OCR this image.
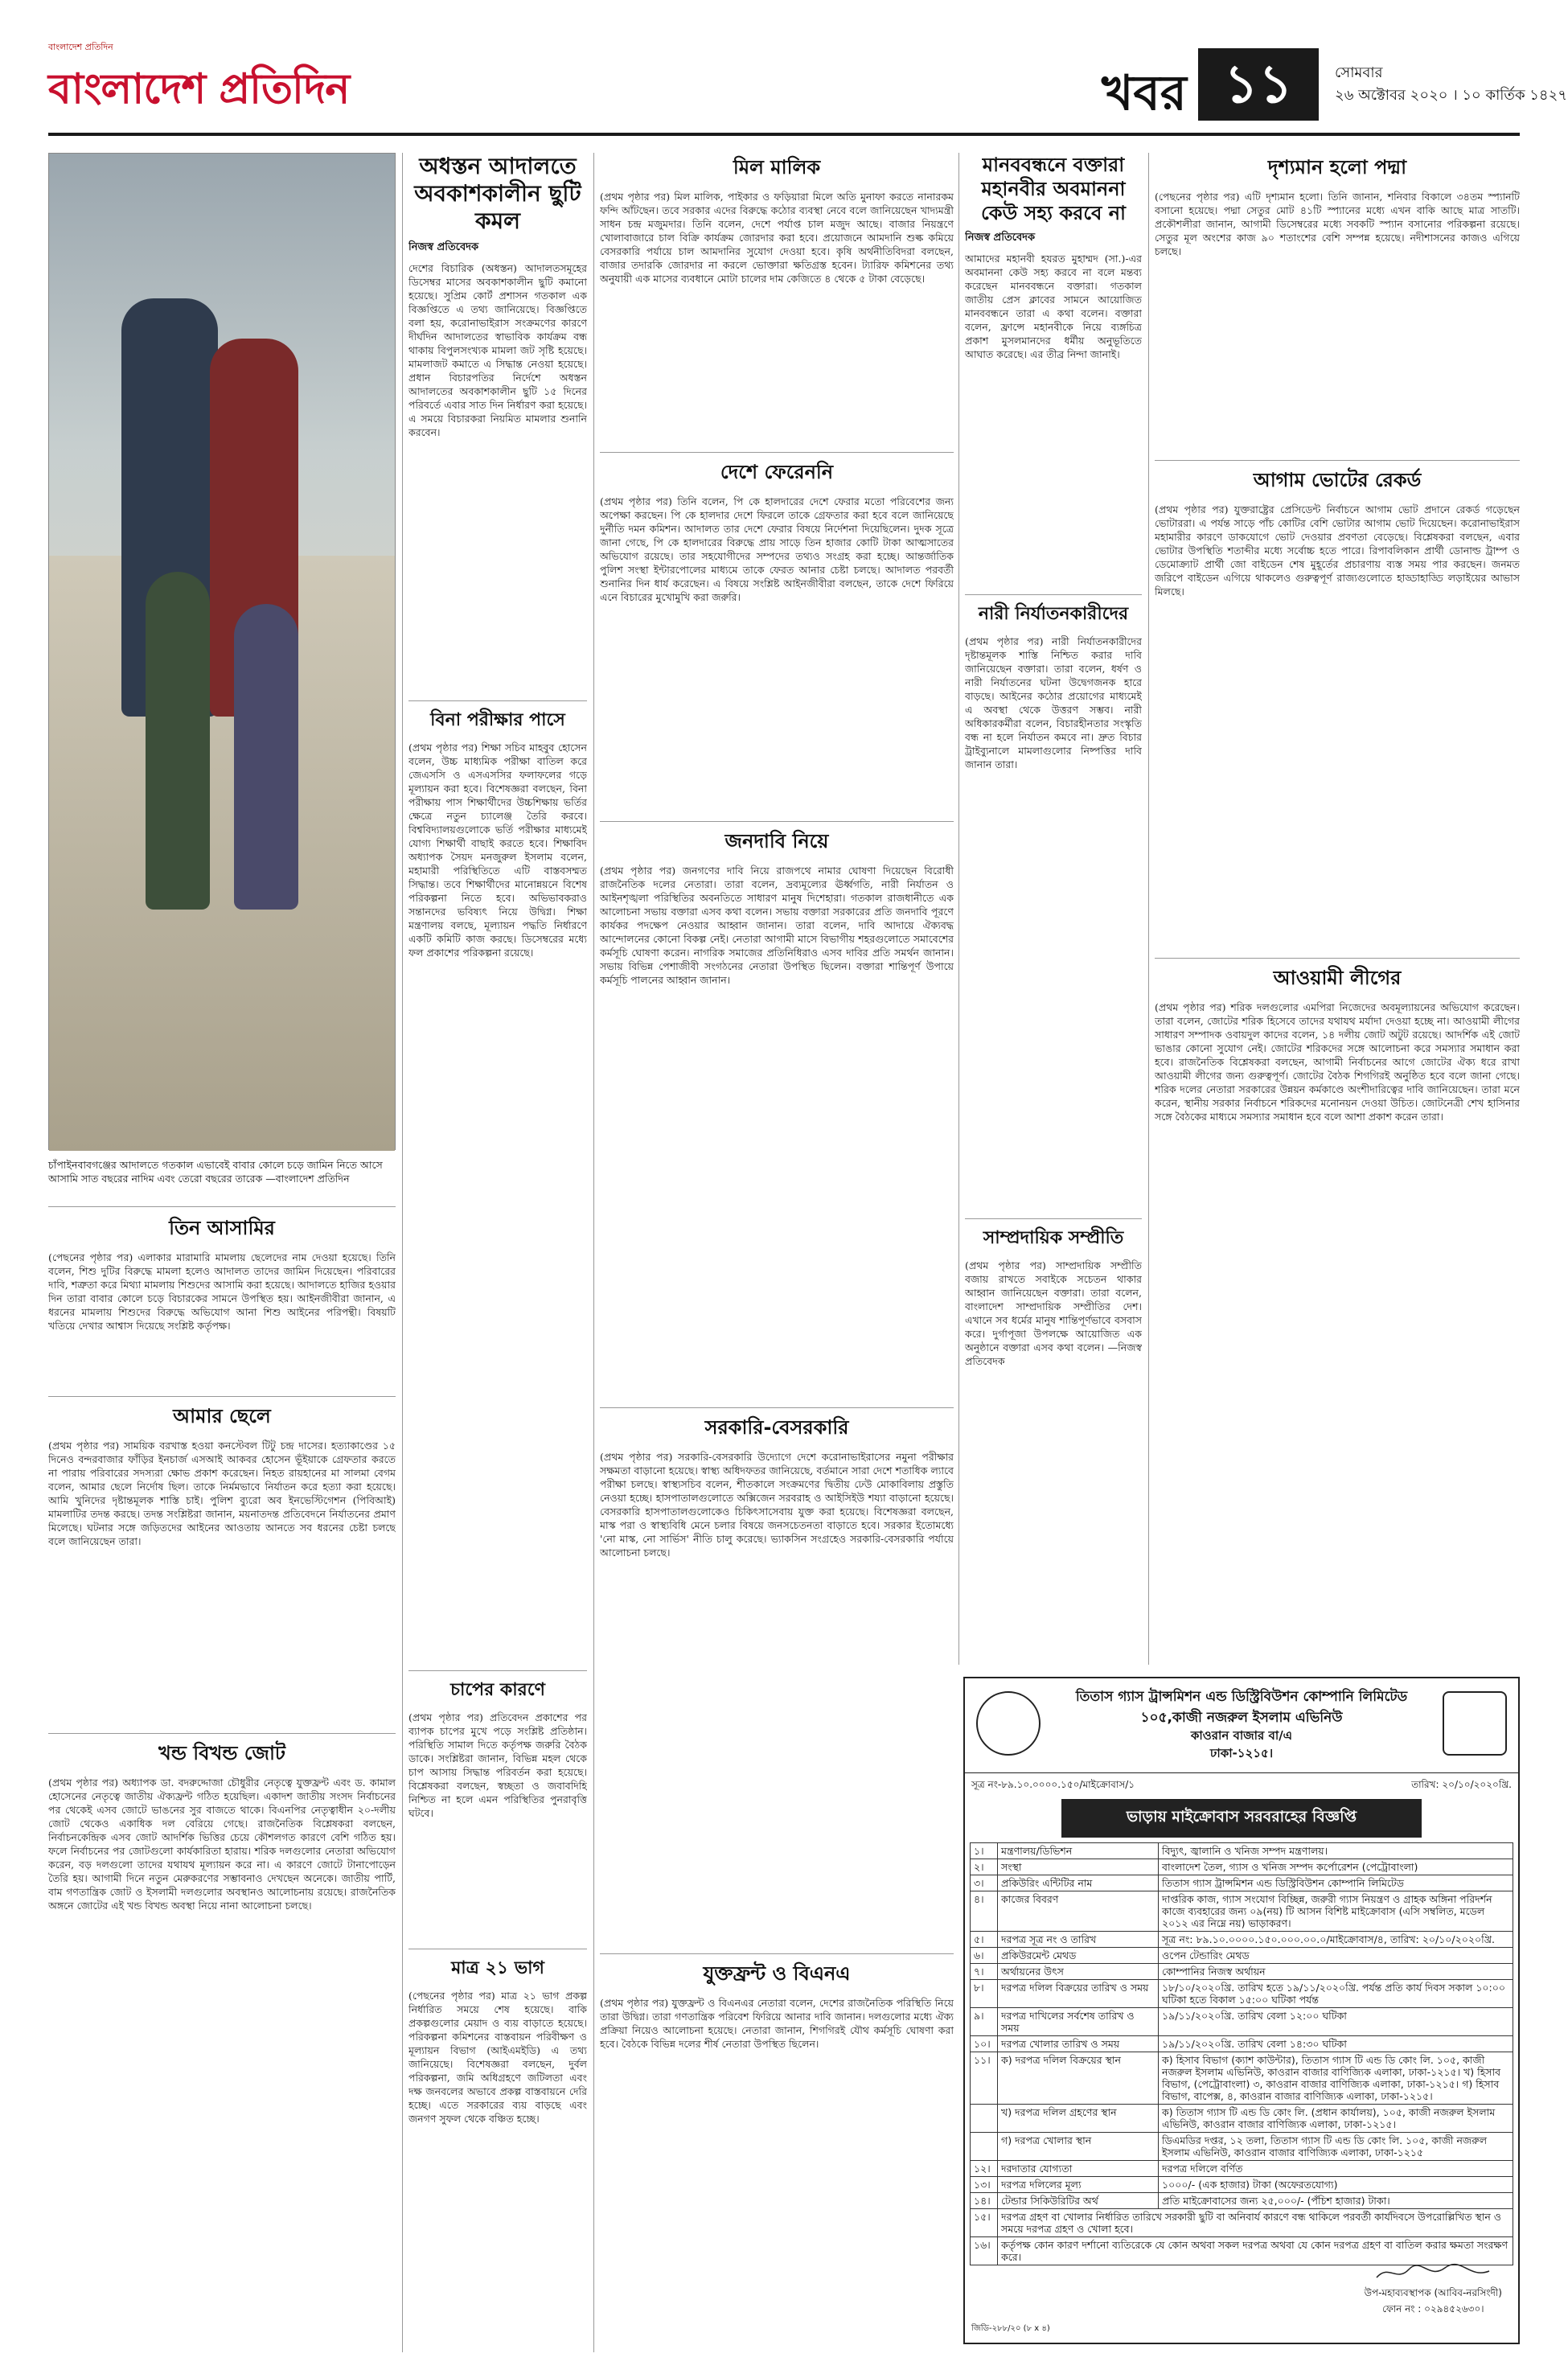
বাংলাদেশ প্রতিদিন
বাংলাদেশ প্রতিদিন	খবর ১১	সোমবার
২৬ অক্টোবর ২০২০ । ১০ কার্তিক ১৪২৭
চাঁপাইনবাবগঞ্জের আদালতে গতকাল এভাবেই বাবার কোলে চড়ে জামিন নিতে আসে আসামি সাত বছরের নাদিম এবং তেরো বছরের তারেক —বাংলাদেশ প্রতিদিন
তিন আসামির
(পেছনের পৃষ্ঠার পর) এলাকার মারামারি মামলায় ছেলেদের নাম দেওয়া হয়েছে। তিনি বলেন, শিশু দুটির বিরুদ্ধে মামলা হলেও আদালত তাদের জামিন দিয়েছেন। পরিবারের দাবি, শত্রুতা করে মিথ্যা মামলায় শিশুদের আসামি করা হয়েছে। আদালতে হাজির হওয়ার দিন তারা বাবার কোলে চড়ে বিচারকের সামনে উপস্থিত হয়। আইনজীবীরা জানান, এ ধরনের মামলায় শিশুদের বিরুদ্ধে অভিযোগ আনা শিশু আইনের পরিপন্থী। বিষয়টি খতিয়ে দেখার আশ্বাস দিয়েছে সংশ্লিষ্ট কর্তৃপক্ষ।
আমার ছেলে
(প্রথম পৃষ্ঠার পর) সাময়িক বরখাস্ত হওয়া কনস্টেবল টিটু চন্দ্র দাসের। হত্যাকাণ্ডের ১৫ দিনেও বন্দরবাজার ফাঁড়ির ইনচার্জ এসআই আকবর হোসেন ভূঁইয়াকে গ্রেফতার করতে না পারায় পরিবারের সদস্যরা ক্ষোভ প্রকাশ করেছেন। নিহত রায়হানের মা সালমা বেগম বলেন, আমার ছেলে নির্দোষ ছিল। তাকে নির্মমভাবে নির্যাতন করে হত্যা করা হয়েছে। আমি খুনিদের দৃষ্টান্তমূলক শাস্তি চাই। পুলিশ ব্যুরো অব ইনভেস্টিগেশন (পিবিআই) মামলাটির তদন্ত করছে। তদন্ত সংশ্লিষ্টরা জানান, ময়নাতদন্ত প্রতিবেদনে নির্যাতনের প্রমাণ মিলেছে। ঘটনার সঙ্গে জড়িতদের আইনের আওতায় আনতে সব ধরনের চেষ্টা চলছে বলে জানিয়েছেন তারা।
খন্ড বিখন্ড জোট
(প্রথম পৃষ্ঠার পর) অধ্যাপক ডা. বদরুদ্দোজা চৌধুরীর নেতৃত্বে যুক্তফ্রন্ট এবং ড. কামাল হোসেনের নেতৃত্বে জাতীয় ঐক্যফ্রন্ট গঠিত হয়েছিল। একাদশ জাতীয় সংসদ নির্বাচনের পর থেকেই এসব জোটে ভাঙনের সুর বাজতে থাকে। বিএনপির নেতৃত্বাধীন ২০-দলীয় জোট থেকেও একাধিক দল বেরিয়ে গেছে। রাজনৈতিক বিশ্লেষকরা বলছেন, নির্বাচনকেন্দ্রিক এসব জোট আদর্শিক ভিত্তির চেয়ে কৌশলগত কারণে বেশি গঠিত হয়। ফলে নির্বাচনের পর জোটগুলো কার্যকারিতা হারায়। শরিক দলগুলোর নেতারা অভিযোগ করেন, বড় দলগুলো তাদের যথাযথ মূল্যায়ন করে না। এ কারণে জোটে টানাপোড়েন তৈরি হয়। আগামী দিনে নতুন মেরুকরণের সম্ভাবনাও দেখছেন অনেকে। জাতীয় পার্টি, বাম গণতান্ত্রিক জোট ও ইসলামী দলগুলোর অবস্থানও আলোচনায় রয়েছে। রাজনৈতিক অঙ্গনে জোটের এই খন্ড বিখন্ড অবস্থা নিয়ে নানা আলোচনা চলছে।
অধস্তন আদালতে অবকাশকালীন ছুটি কমল
নিজস্ব প্রতিবেদক
দেশের বিচারিক (অধস্তন) আদালতসমূহের ডিসেম্বর মাসের অবকাশকালীন ছুটি কমানো হয়েছে। সুপ্রিম কোর্ট প্রশাসন গতকাল এক বিজ্ঞপ্তিতে এ তথ্য জানিয়েছে। বিজ্ঞপ্তিতে বলা হয়, করোনাভাইরাস সংক্রমণের কারণে দীর্ঘদিন আদালতের স্বাভাবিক কার্যক্রম বন্ধ থাকায় বিপুলসংখ্যক মামলা জট সৃষ্টি হয়েছে। মামলাজট কমাতে এ সিদ্ধান্ত নেওয়া হয়েছে। প্রধান বিচারপতির নির্দেশে অধস্তন আদালতের অবকাশকালীন ছুটি ১৫ দিনের পরিবর্তে এবার সাত দিন নির্ধারণ করা হয়েছে। এ সময়ে বিচারকরা নিয়মিত মামলার শুনানি করবেন।
বিনা পরীক্ষার পাসে
(প্রথম পৃষ্ঠার পর) শিক্ষা সচিব মাহবুব হোসেন বলেন, উচ্চ মাধ্যমিক পরীক্ষা বাতিল করে জেএসসি ও এসএসসির ফলাফলের গড়ে মূল্যায়ন করা হবে। বিশেষজ্ঞরা বলছেন, বিনা পরীক্ষায় পাস শিক্ষার্থীদের উচ্চশিক্ষায় ভর্তির ক্ষেত্রে নতুন চ্যালেঞ্জ তৈরি করবে। বিশ্ববিদ্যালয়গুলোকে ভর্তি পরীক্ষার মাধ্যমেই যোগ্য শিক্ষার্থী বাছাই করতে হবে। শিক্ষাবিদ অধ্যাপক সৈয়দ মনজুরুল ইসলাম বলেন, মহামারী পরিস্থিতিতে এটি বাস্তবসম্মত সিদ্ধান্ত। তবে শিক্ষার্থীদের মানোন্নয়নে বিশেষ পরিকল্পনা নিতে হবে। অভিভাবকরাও সন্তানদের ভবিষ্যৎ নিয়ে উদ্বিগ্ন। শিক্ষা মন্ত্রণালয় বলছে, মূল্যায়ন পদ্ধতি নির্ধারণে একটি কমিটি কাজ করছে। ডিসেম্বরের মধ্যে ফল প্রকাশের পরিকল্পনা রয়েছে।
চাপের কারণে
(প্রথম পৃষ্ঠার পর) প্রতিবেদন প্রকাশের পর ব্যাপক চাপের মুখে পড়ে সংশ্লিষ্ট প্রতিষ্ঠান। পরিস্থিতি সামাল দিতে কর্তৃপক্ষ জরুরি বৈঠক ডাকে। সংশ্লিষ্টরা জানান, বিভিন্ন মহল থেকে চাপ আসায় সিদ্ধান্ত পরিবর্তন করা হয়েছে। বিশ্লেষকরা বলছেন, স্বচ্ছতা ও জবাবদিহি নিশ্চিত না হলে এমন পরিস্থিতির পুনরাবৃত্তি ঘটবে।
মাত্র ২১ ভাগ
(পেছনের পৃষ্ঠার পর) মাত্র ২১ ভাগ প্রকল্প নির্ধারিত সময়ে শেষ হয়েছে। বাকি প্রকল্পগুলোর মেয়াদ ও ব্যয় বাড়াতে হয়েছে। পরিকল্পনা কমিশনের বাস্তবায়ন পরিবীক্ষণ ও মূল্যায়ন বিভাগ (আইএমইডি) এ তথ্য জানিয়েছে। বিশেষজ্ঞরা বলছেন, দুর্বল পরিকল্পনা, জমি অধিগ্রহণে জটিলতা এবং দক্ষ জনবলের অভাবে প্রকল্প বাস্তবায়নে দেরি হচ্ছে। এতে সরকারের ব্যয় বাড়ছে এবং জনগণ সুফল থেকে বঞ্চিত হচ্ছে।
মিল মালিক
(প্রথম পৃষ্ঠার পর) মিল মালিক, পাইকার ও ফড়িয়ারা মিলে অতি মুনাফা করতে নানারকম ফন্দি আঁটছেন। তবে সরকার এদের বিরুদ্ধে কঠোর ব্যবস্থা নেবে বলে জানিয়েছেন খাদ্যমন্ত্রী সাধন চন্দ্র মজুমদার। তিনি বলেন, দেশে পর্যাপ্ত চাল মজুদ আছে। বাজার নিয়ন্ত্রণে খোলাবাজারে চাল বিক্রি কার্যক্রম জোরদার করা হবে। প্রয়োজনে আমদানি শুল্ক কমিয়ে বেসরকারি পর্যায়ে চাল আমদানির সুযোগ দেওয়া হবে। কৃষি অর্থনীতিবিদরা বলছেন, বাজার তদারকি জোরদার না করলে ভোক্তারা ক্ষতিগ্রস্ত হবেন। ট্যারিফ কমিশনের তথ্য অনুযায়ী এক মাসের ব্যবধানে মোটা চালের দাম কেজিতে ৪ থেকে ৫ টাকা বেড়েছে।
দেশে ফেরেননি
(প্রথম পৃষ্ঠার পর) তিনি বলেন, পি কে হালদারের দেশে ফেরার মতো পরিবেশের জন্য অপেক্ষা করছেন। পি কে হালদার দেশে ফিরলে তাকে গ্রেফতার করা হবে বলে জানিয়েছে দুর্নীতি দমন কমিশন। আদালত তার দেশে ফেরার বিষয়ে নির্দেশনা দিয়েছিলেন। দুদক সূত্রে জানা গেছে, পি কে হালদারের বিরুদ্ধে প্রায় সাড়ে তিন হাজার কোটি টাকা আত্মসাতের অভিযোগ রয়েছে। তার সহযোগীদের সম্পদের তথ্যও সংগ্রহ করা হচ্ছে। আন্তর্জাতিক পুলিশ সংস্থা ইন্টারপোলের মাধ্যমে তাকে ফেরত আনার চেষ্টা চলছে। আদালত পরবর্তী শুনানির দিন ধার্য করেছেন। এ বিষয়ে সংশ্লিষ্ট আইনজীবীরা বলছেন, তাকে দেশে ফিরিয়ে এনে বিচারের মুখোমুখি করা জরুরি।
জনদাবি নিয়ে
(প্রথম পৃষ্ঠার পর) জনগণের দাবি নিয়ে রাজপথে নামার ঘোষণা দিয়েছেন বিরোধী রাজনৈতিক দলের নেতারা। তারা বলেন, দ্রব্যমূল্যের ঊর্ধ্বগতি, নারী নির্যাতন ও আইনশৃঙ্খলা পরিস্থিতির অবনতিতে সাধারণ মানুষ দিশেহারা। গতকাল রাজধানীতে এক আলোচনা সভায় বক্তারা এসব কথা বলেন। সভায় বক্তারা সরকারের প্রতি জনদাবি পূরণে কার্যকর পদক্ষেপ নেওয়ার আহ্বান জানান। তারা বলেন, দাবি আদায়ে ঐক্যবদ্ধ আন্দোলনের কোনো বিকল্প নেই। নেতারা আগামী মাসে বিভাগীয় শহরগুলোতে সমাবেশের কর্মসূচি ঘোষণা করেন। নাগরিক সমাজের প্রতিনিধিরাও এসব দাবির প্রতি সমর্থন জানান। সভায় বিভিন্ন পেশাজীবী সংগঠনের নেতারা উপস্থিত ছিলেন। বক্তারা শান্তিপূর্ণ উপায়ে কর্মসূচি পালনের আহ্বান জানান।
সরকারি-বেসরকারি
(প্রথম পৃষ্ঠার পর) সরকারি-বেসরকারি উদ্যোগে দেশে করোনাভাইরাসের নমুনা পরীক্ষার সক্ষমতা বাড়ানো হয়েছে। স্বাস্থ্য অধিদফতর জানিয়েছে, বর্তমানে সারা দেশে শতাধিক ল্যাবে পরীক্ষা চলছে। স্বাস্থ্যসচিব বলেন, শীতকালে সংক্রমণের দ্বিতীয় ঢেউ মোকাবিলায় প্রস্তুতি নেওয়া হচ্ছে। হাসপাতালগুলোতে অক্সিজেন সরবরাহ ও আইসিইউ শয্যা বাড়ানো হয়েছে। বেসরকারি হাসপাতালগুলোকেও চিকিৎসাসেবায় যুক্ত করা হয়েছে। বিশেষজ্ঞরা বলছেন, মাস্ক পরা ও স্বাস্থ্যবিধি মেনে চলার বিষয়ে জনসচেতনতা বাড়াতে হবে। সরকার ইতোমধ্যে 'নো মাস্ক, নো সার্ভিস' নীতি চালু করেছে। ভ্যাকসিন সংগ্রহেও সরকারি-বেসরকারি পর্যায়ে আলোচনা চলছে।
যুক্তফ্রন্ট ও বিএনএ
(প্রথম পৃষ্ঠার পর) যুক্তফ্রন্ট ও বিএনএর নেতারা বলেন, দেশের রাজনৈতিক পরিস্থিতি নিয়ে তারা উদ্বিগ্ন। তারা গণতান্ত্রিক পরিবেশ ফিরিয়ে আনার দাবি জানান। দলগুলোর মধ্যে ঐক্য প্রক্রিয়া নিয়েও আলোচনা হয়েছে। নেতারা জানান, শিগগিরই যৌথ কর্মসূচি ঘোষণা করা হবে। বৈঠকে বিভিন্ন দলের শীর্ষ নেতারা উপস্থিত ছিলেন।
মানববন্ধনে বক্তারা মহানবীর অবমাননা কেউ সহ্য করবে না
নিজস্ব প্রতিবেদক
আমাদের মহানবী হযরত মুহাম্মদ (সা.)-এর অবমাননা কেউ সহ্য করবে না বলে মন্তব্য করেছেন মানববন্ধনে বক্তারা। গতকাল জাতীয় প্রেস ক্লাবের সামনে আয়োজিত মানববন্ধনে তারা এ কথা বলেন। বক্তারা বলেন, ফ্রান্সে মহানবীকে নিয়ে ব্যঙ্গচিত্র প্রকাশ মুসলমানদের ধর্মীয় অনুভূতিতে আঘাত করেছে। এর তীব্র নিন্দা জানাই।
নারী নির্যাতনকারীদের
(প্রথম পৃষ্ঠার পর) নারী নির্যাতনকারীদের দৃষ্টান্তমূলক শাস্তি নিশ্চিত করার দাবি জানিয়েছেন বক্তারা। তারা বলেন, ধর্ষণ ও নারী নির্যাতনের ঘটনা উদ্বেগজনক হারে বাড়ছে। আইনের কঠোর প্রয়োগের মাধ্যমেই এ অবস্থা থেকে উত্তরণ সম্ভব। নারী অধিকারকর্মীরা বলেন, বিচারহীনতার সংস্কৃতি বন্ধ না হলে নির্যাতন কমবে না। দ্রুত বিচার ট্রাইব্যুনালে মামলাগুলোর নিষ্পত্তির দাবি জানান তারা।
সাম্প্রদায়িক সম্প্রীতি
(প্রথম পৃষ্ঠার পর) সাম্প্রদায়িক সম্প্রীতি বজায় রাখতে সবাইকে সচেতন থাকার আহ্বান জানিয়েছেন বক্তারা। তারা বলেন, বাংলাদেশ সাম্প্রদায়িক সম্প্রীতির দেশ। এখানে সব ধর্মের মানুষ শান্তিপূর্ণভাবে বসবাস করে। দুর্গাপূজা উপলক্ষে আয়োজিত এক অনুষ্ঠানে বক্তারা এসব কথা বলেন। —নিজস্ব প্রতিবেদক
দৃশ্যমান হলো পদ্মা
(পেছনের পৃষ্ঠার পর) এটি দৃশ্যমান হলো। তিনি জানান, শনিবার বিকালে ৩৪তম স্প্যানটি বসানো হয়েছে। পদ্মা সেতুর মোট ৪১টি স্প্যানের মধ্যে এখন বাকি আছে মাত্র সাতটি। প্রকৌশলীরা জানান, আগামী ডিসেম্বরের মধ্যে সবকটি স্প্যান বসানোর পরিকল্পনা রয়েছে। সেতুর মূল অংশের কাজ ৯০ শতাংশের বেশি সম্পন্ন হয়েছে। নদীশাসনের কাজও এগিয়ে চলছে।
আগাম ভোটের রেকর্ড
(প্রথম পৃষ্ঠার পর) যুক্তরাষ্ট্রের প্রেসিডেন্ট নির্বাচনে আগাম ভোট প্রদানে রেকর্ড গড়েছেন ভোটাররা। এ পর্যন্ত সাড়ে পাঁচ কোটির বেশি ভোটার আগাম ভোট দিয়েছেন। করোনাভাইরাস মহামারীর কারণে ডাকযোগে ভোট দেওয়ার প্রবণতা বেড়েছে। বিশ্লেষকরা বলছেন, এবার ভোটার উপস্থিতি শতাব্দীর মধ্যে সর্বোচ্চ হতে পারে। রিপাবলিকান প্রার্থী ডোনাল্ড ট্রাম্প ও ডেমোক্র্যাট প্রার্থী জো বাইডেন শেষ মুহূর্তের প্রচারণায় ব্যস্ত সময় পার করছেন। জনমত জরিপে বাইডেন এগিয়ে থাকলেও গুরুত্বপূর্ণ রাজ্যগুলোতে হাড্ডাহাড্ডি লড়াইয়ের আভাস মিলছে।
আওয়ামী লীগের
(প্রথম পৃষ্ঠার পর) শরিক দলগুলোর এমপিরা নিজেদের অবমূল্যায়নের অভিযোগ করেছেন। তারা বলেন, জোটের শরিক হিসেবে তাদের যথাযথ মর্যাদা দেওয়া হচ্ছে না। আওয়ামী লীগের সাধারণ সম্পাদক ওবায়দুল কাদের বলেন, ১৪ দলীয় জোট অটুট রয়েছে। আদর্শিক এই জোট ভাঙার কোনো সুযোগ নেই। জোটের শরিকদের সঙ্গে আলোচনা করে সমস্যার সমাধান করা হবে। রাজনৈতিক বিশ্লেষকরা বলছেন, আগামী নির্বাচনের আগে জোটের ঐক্য ধরে রাখা আওয়ামী লীগের জন্য গুরুত্বপূর্ণ। জোটের বৈঠক শিগগিরই অনুষ্ঠিত হবে বলে জানা গেছে। শরিক দলের নেতারা সরকারের উন্নয়ন কর্মকাণ্ডে অংশীদারিত্বের দাবি জানিয়েছেন। তারা মনে করেন, স্থানীয় সরকার নির্বাচনে শরিকদের মনোনয়ন দেওয়া উচিত। জোটনেত্রী শেখ হাসিনার সঙ্গে বৈঠকের মাধ্যমে সমস্যার সমাধান হবে বলে আশা প্রকাশ করেন তারা।
তিতাস গ্যাস ট্রান্সমিশন এন্ড ডিস্ট্রিবিউশন কোম্পানি লিমিটেড
১০৫,কাজী নজরুল ইসলাম এভিনিউ
কাওরান বাজার বা/এ
ঢাকা-১২১৫।
সূত্র নং-৮৯.১০.০০০০.১৫০/মাইক্রোবাস/১	তারিখ: ২০/১০/২০২০খ্রি.
ভাড়ায় মাইক্রোবাস সরবরাহের বিজ্ঞপ্তি
১।	মন্ত্রণালয়/ডিভিশন	বিদ্যুৎ, জ্বালানি ও খনিজ সম্পদ মন্ত্রণালয়।
২।	সংস্থা	বাংলাদেশ তৈল, গ্যাস ও খনিজ সম্পদ কর্পোরেশন (পেট্রোবাংলা)
৩।	প্রকিউরিং এন্টিটির নাম	তিতাস গ্যাস ট্রান্সমিশন এন্ড ডিস্ট্রিবিউশন কোম্পানি লিমিটেড
৪।	কাজের বিবরণ	দাপ্তরিক কাজ, গ্যাস সংযোগ বিচ্ছিন্ন, জরুরী গ্যাস নিয়ন্ত্রণ ও গ্রাহক অঙ্গিনা পরিদর্শন কাজে ব্যবহারের জন্য ০৯(নয়) টি আসন বিশিষ্ট মাইক্রোবাস (এসি সম্বলিত, মডেল ২০১২ এর নিম্নে নয়) ভাড়াকরণ।
৫।	দরপত্র সূত্র নং ও তারিখ	সূত্র নং: ৮৯.১০.০০০০.১৫০.০০০.০০.০/মাইক্রোবাস/৪, তারিখ: ২০/১০/২০২০খ্রি.
৬।	প্রকিউরমেন্ট মেথড	ওপেন টেন্ডারিং মেথড
৭।	অর্থায়নের উৎস	কোম্পানির নিজস্ব অর্থায়ন
৮।	দরপত্র দলিল বিক্রয়ের তারিখ ও সময়	১৮/১০/২০২০খ্রি. তারিখ হতে ১৯/১১/২০২০খ্রি. পর্যন্ত প্রতি কার্য দিবস সকাল ১০:০০ ঘটিকা হতে বিকাল ১৫:০০ ঘটিকা পর্যন্ত
৯।	দরপত্র দাখিলের সর্বশেষ তারিখ ও সময়	১৯/১১/২০২০খ্রি. তারিখ বেলা ১২:০০ ঘটিকা
১০।	দরপত্র খোলার তারিখ ও সময়	১৯/১১/২০২০খ্রি. তারিখ বেলা ১৪:৩০ ঘটিকা
১১।	ক) দরপত্র দলিল বিক্রয়ের স্থান	ক) হিসাব বিভাগ (ক্যাশ কাউন্টার), তিতাস গ্যাস টি এন্ড ডি কোং লি. ১০৫, কাজী নজরুল ইসলাম এভিনিউ, কাওরান বাজার বাণিজ্যিক এলাকা, ঢাকা-১২১৫। খ) হিসাব বিভাগ, (পেট্রোবাংলা) ৩, কাওরান বাজার বাণিজ্যিক এলাকা, ঢাকা-১২১৫। গ) হিসাব বিভাগ, বাপেক্স, ৪, কাওরান বাজার বাণিজ্যিক এলাকা, ঢাকা-১২১৫।
	খ) দরপত্র দলিল গ্রহণের স্থান	ক) তিতাস গ্যাস টি এন্ড ডি কোং লি. (প্রধান কার্যালয়), ১০৫, কাজী নজরুল ইসলাম এভিনিউ, কাওরান বাজার বাণিজ্যিক এলাকা, ঢাকা-১২১৫।
	গ) দরপত্র খোলার স্থান	ডিএমডির দপ্তর, ১২ তলা, তিতাস গ্যাস টি এন্ড ডি কোং লি. ১০৫, কাজী নজরুল ইসলাম এভিনিউ, কাওরান বাজার বাণিজ্যিক এলাকা, ঢাকা-১২১৫
১২।	দরদাতার যোগ্যতা	দরপত্র দলিলে বর্ণিত
১৩।	দরপত্র দলিলের মূল্য	১০০০/- (এক হাজার) টাকা (অফেরতযোগ্য)
১৪।	টেন্ডার সিকিউরিটির অর্থ	প্রতি মাইক্রোবাসের জন্য ২৫,০০০/- (পঁচিশ হাজার) টাকা।
১৫।	দরপত্র গ্রহণ বা খোলার নির্ধারিত তারিখে সরকারী ছুটি বা অনিবার্য কারণে বন্ধ থাকিলে পরবর্তী কার্যদিবসে উপরোল্লিখিত স্থান ও সময়ে দরপত্র গ্রহণ ও খোলা হবে।	
১৬।	কর্তৃপক্ষ কোন কারণ দর্শানো ব্যতিরেকে যে কোন অথবা সকল দরপত্র অথবা যে কোন দরপত্র গ্রহণ বা বাতিল করার ক্ষমতা সংরক্ষণ করে।	
উপ-মহাব্যবস্থাপক (আবিব-নরসিংদী)
ফোন নং : ০২৯৪৫২৬৩০।
জিডি-২৮৮/২০ (৮ x ৪)
